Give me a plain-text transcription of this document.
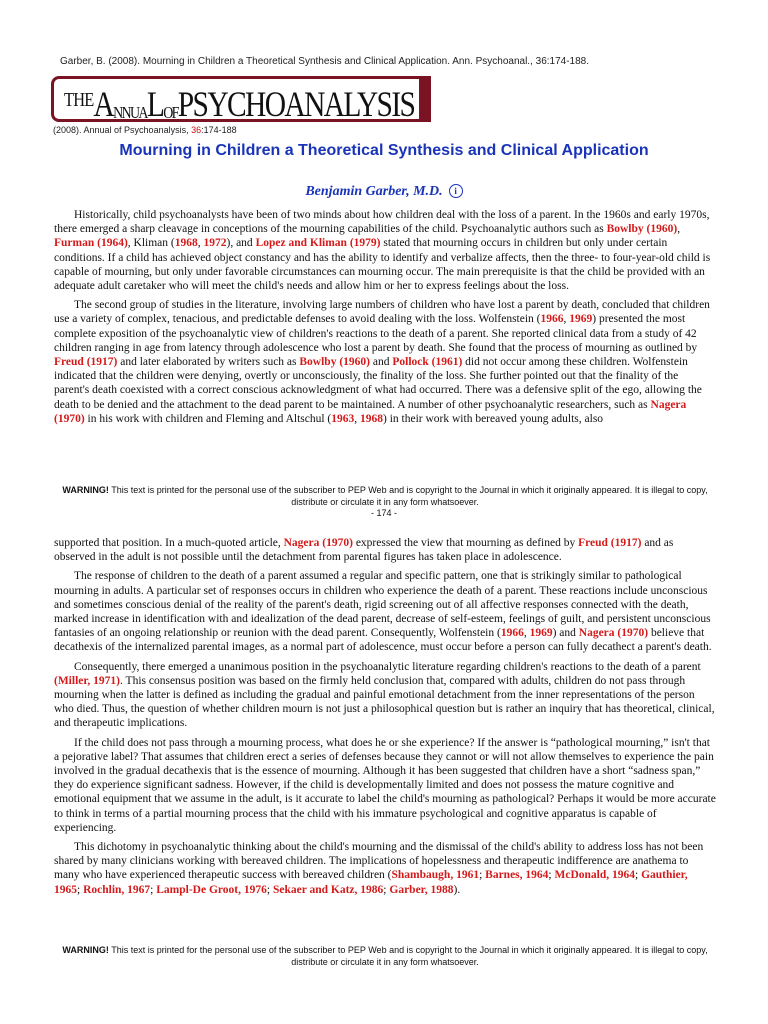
Garber, B. (2008). Mourning in Children a Theoretical Synthesis and Clinical Application. Ann. Psychoanal., 36:174-188.
$^{THE}$ANNUALOFPSYCHOANALYSIS
(2008). Annual of Psychoanalysis, 36:174-188
Mourning in Children a Theoretical Synthesis and Clinical Application
Benjamin Garber, M.D. i

Historically, child psychoanalysts have been of two minds about how children deal with the loss of a parent. In the 1960s and early 1970s, there emerged a sharp cleavage in conceptions of the mourning capabilities of the child. Psychoanalytic authors such as Bowlby (1960), Furman (1964), Kliman (1968, 1972), and Lopez and Kliman (1979) stated that mourning occurs in children but only under certain conditions. If a child has achieved object constancy and has the ability to identify and verbalize affects, then the three- to four-year-old child is capable of mourning, but only under favorable circumstances can mourning occur. The main prerequisite is that the child be provided with an adequate adult caretaker who will meet the child's needs and allow him or her to express feelings about the loss.

The second group of studies in the literature, involving large numbers of children who have lost a parent by death, concluded that children use a variety of complex, tenacious, and predictable defenses to avoid dealing with the loss. Wolfenstein (1966, 1969) presented the most complete exposition of the psychoanalytic view of children's reactions to the death of a parent. She reported clinical data from a study of 42 children ranging in age from latency through adolescence who lost a parent by death. She found that the process of mourning as outlined by Freud (1917) and later elaborated by writers such as Bowlby (1960) and Pollock (1961) did not occur among these children. Wolfenstein indicated that the children were denying, overtly or unconsciously, the finality of the loss. She further pointed out that the finality of the parent's death coexisted with a correct conscious acknowledgment of what had occurred. There was a defensive split of the ego, allowing the death to be denied and the attachment to the dead parent to be maintained. A number of other psychoanalytic researchers, such as Nagera (1970) in his work with children and Fleming and Altschul (1963, 1968) in their work with bereaved young adults, also

WARNING! This text is printed for the personal use of the subscriber to PEP Web and is copyright to the Journal in which it originally appeared. It is illegal to copy, distribute or circulate it in any form whatsoever.
- 174 -

supported that position. In a much-quoted article, Nagera (1970) expressed the view that mourning as defined by Freud (1917) and as observed in the adult is not possible until the detachment from parental figures has taken place in adolescence.

The response of children to the death of a parent assumed a regular and specific pattern, one that is strikingly similar to pathological mourning in adults. A particular set of responses occurs in children who experience the death of a parent. These reactions include unconscious and sometimes conscious denial of the reality of the parent's death, rigid screening out of all affective responses connected with the death, marked increase in identification with and idealization of the dead parent, decrease of self-esteem, feelings of guilt, and persistent unconscious fantasies of an ongoing relationship or reunion with the dead parent. Consequently, Wolfenstein (1966, 1969) and Nagera (1970) believe that decathexis of the internalized parental images, as a normal part of adolescence, must occur before a person can fully decathect a parent's death.

Consequently, there emerged a unanimous position in the psychoanalytic literature regarding children's reactions to the death of a parent (Miller, 1971). This consensus position was based on the firmly held conclusion that, compared with adults, children do not pass through mourning when the latter is defined as including the gradual and painful emotional detachment from the inner representations of the person who died. Thus, the question of whether children mourn is not just a philosophical question but is rather an inquiry that has theoretical, clinical, and therapeutic implications.

If the child does not pass through a mourning process, what does he or she experience? If the answer is “pathological mourning,” isn't that a pejorative label? That assumes that children erect a series of defenses because they cannot or will not allow themselves to experience the pain involved in the gradual decathexis that is the essence of mourning. Although it has been suggested that children have a short “sadness span,” they do experience significant sadness. However, if the child is developmentally limited and does not possess the mature cognitive and emotional equipment that we assume in the adult, is it accurate to label the child's mourning as pathological? Perhaps it would be more accurate to think in terms of a partial mourning process that the child with his immature psychological and cognitive apparatus is capable of experiencing.

This dichotomy in psychoanalytic thinking about the child's mourning and the dismissal of the child's ability to address loss has not been shared by many clinicians working with bereaved children. The implications of hopelessness and therapeutic indifference are anathema to many who have experienced therapeutic success with bereaved children (Shambaugh, 1961; Barnes, 1964; McDonald, 1964; Gauthier, 1965; Rochlin, 1967; Lampl-De Groot, 1976; Sekaer and Katz, 1986; Garber, 1988).

WARNING! This text is printed for the personal use of the subscriber to PEP Web and is copyright to the Journal in which it originally appeared. It is illegal to copy, distribute or circulate it in any form whatsoever.
